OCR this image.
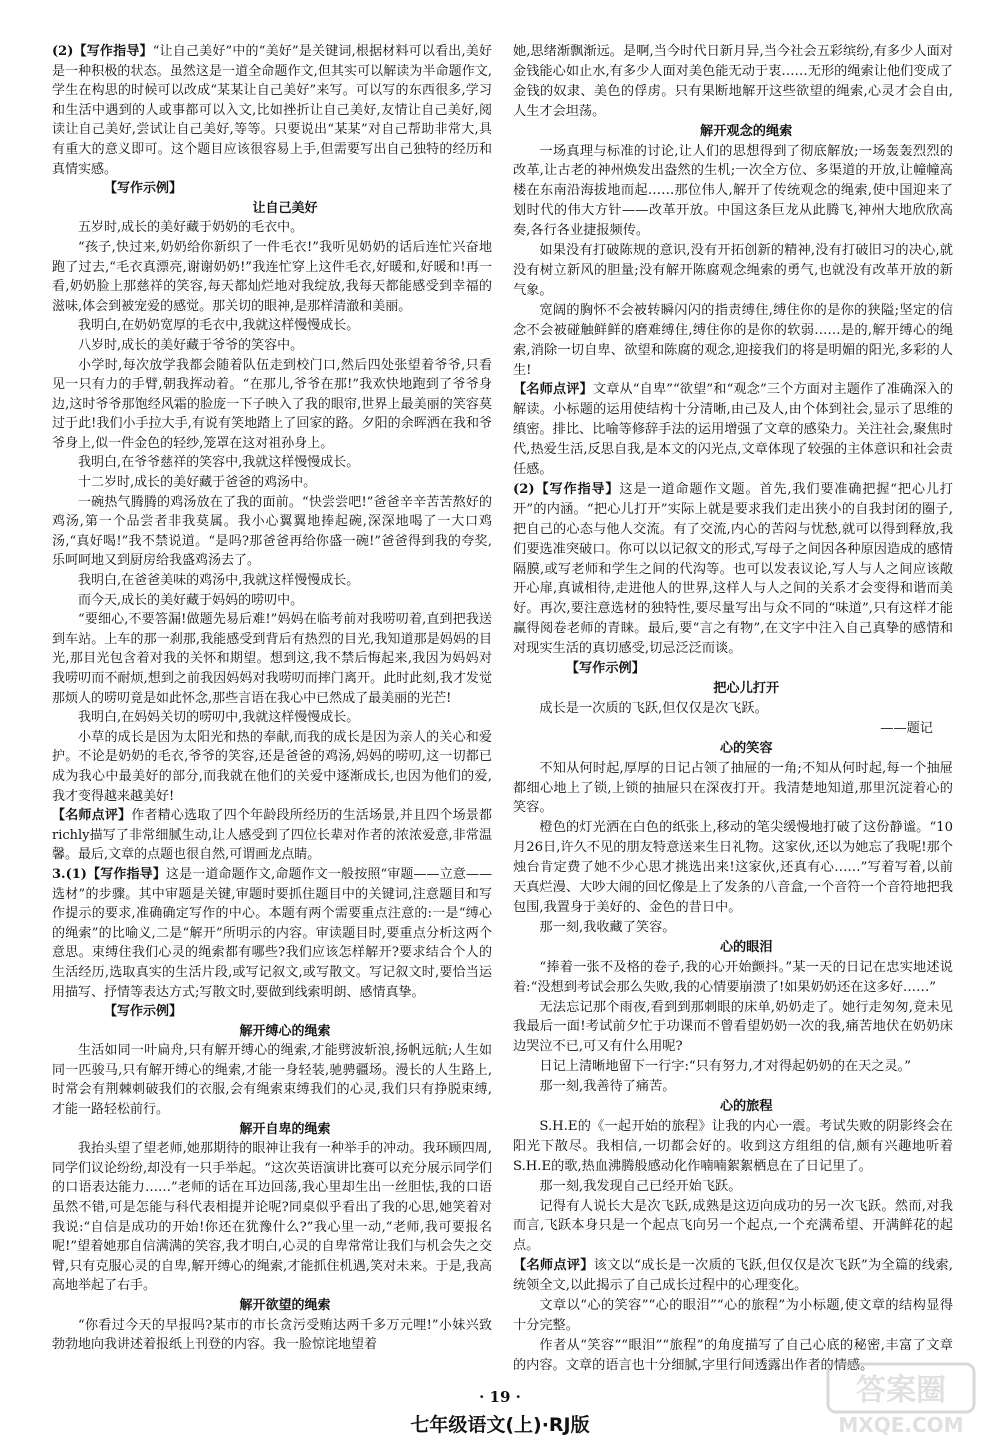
(2)【写作指导】“让自己美好”中的“美好”是关键词,根据材料可以看出,美好是一种积极的状态。虽然这是一道全命题作文,但其实可以解读为半命题作文,学生在构思的时候可以改成“某某让自己美好”来写。可以写的东西很多,学习和生活中遇到的人或事都可以入文,比如挫折让自己美好,友情让自己美好,阅读让自己美好,尝试让自己美好,等等。只要说出“某某”对自己帮助非常大,具有重大的意义即可。这个题目应该很容易上手,但需要写出自己独特的经历和真情实感。

【写作示例】

让自己美好

五岁时,成长的美好藏于奶奶的毛衣中。

“孩子,快过来,奶奶给你新织了一件毛衣!”我听见奶奶的话后连忙兴奋地跑了过去,“毛衣真漂亮,谢谢奶奶!”我连忙穿上这件毛衣,好暖和,好暖和!再一看,奶奶脸上那慈祥的笑容,每天都灿烂地对我绽放,我每天都能感受到幸福的滋味,体会到被宠爱的感觉。那关切的眼神,是那样清澈和美丽。

我明白,在奶奶宽厚的毛衣中,我就这样慢慢成长。

八岁时,成长的美好藏于爷爷的笑容中。

小学时,每次放学我都会随着队伍走到校门口,然后四处张望着爷爷,只看见一只有力的手臂,朝我挥动着。“在那儿,爷爷在那!”我欢快地跑到了爷爷身边,这时爷爷那饱经风霜的脸庞一下子映入了我的眼帘,世界上最美丽的笑容莫过于此!我们小手拉大手,有说有笑地踏上了回家的路。夕阳的余晖洒在我和爷爷身上,似一件金色的轻纱,笼罩在这对祖孙身上。

我明白,在爷爷慈祥的笑容中,我就这样慢慢成长。

十二岁时,成长的美好藏于爸爸的鸡汤中。

一碗热气腾腾的鸡汤放在了我的面前。“快尝尝吧!”爸爸辛辛苦苦熬好的鸡汤,第一个品尝者非我莫属。我小心翼翼地捧起碗,深深地喝了一大口鸡汤,“真好喝!”我不禁说道。“是吗?那爸爸再给你盛一碗!”爸爸得到我的夸奖,乐呵呵地又到厨房给我盛鸡汤去了。

我明白,在爸爸美味的鸡汤中,我就这样慢慢成长。

而今天,成长的美好藏于妈妈的唠叨中。

“要细心,不要答漏!做题先易后难!”妈妈在临考前对我唠叨着,直到把我送到车站。上车的那一刹那,我能感受到背后有热烈的目光,我知道那是妈妈的目光,那目光包含着对我的关怀和期望。想到这,我不禁后悔起来,我因为妈妈对我唠叨而不耐烦,想到之前我因妈妈对我唠叨而摔门离开。此时此刻,我才发觉那烦人的唠叨竟是如此怀念,那些言语在我心中已然成了最美丽的光芒!

我明白,在妈妈关切的唠叨中,我就这样慢慢成长。

小草的成长是因为太阳光和热的奉献,而我的成长是因为亲人的关心和爱护。不论是奶奶的毛衣,爷爷的笑容,还是爸爸的鸡汤,妈妈的唠叨,这一切都已成为我心中最美好的部分,而我就在他们的关爱中逐渐成长,也因为他们的爱,我才变得越来越美好!

【名师点评】作者精心选取了四个年龄段所经历的生活场景,并且四个场景都richly描写了非常细腻生动,让人感受到了四位长辈对作者的浓浓爱意,非常温馨。最后,文章的点题也很自然,可谓画龙点睛。

3.(1)【写作指导】这是一道命题作文,命题作文一般按照“审题——立意——选材”的步骤。其中审题是关键,审题时要抓住题目中的关键词,注意题目和写作提示的要求,准确确定写作的中心。本题有两个需要重点注意的:一是“缚心的绳索”的比喻义,二是“解开”所明示的内容。审读题目时,要重点分析这两个意思。束缚住我们心灵的绳索都有哪些?我们应该怎样解开?要求结合个人的生活经历,选取真实的生活片段,或写记叙文,或写散文。写记叙文时,要恰当运用描写、抒情等表达方式;写散文时,要做到线索明朗、感情真挚。

【写作示例】

解开缚心的绳索

生活如同一叶扁舟,只有解开缚心的绳索,才能劈波斩浪,扬帆远航;人生如同一匹骏马,只有解开缚心的绳索,才能一身轻装,驰骋疆场。漫长的人生路上,时常会有荆棘刺破我们的衣服,会有绳索束缚我们的心灵,我们只有挣脱束缚,才能一路轻松前行。

解开自卑的绳索

我抬头望了望老师,她那期待的眼神让我有一种举手的冲动。我环顾四周,同学们议论纷纷,却没有一只手举起。“这次英语演讲比赛可以充分展示同学们的口语表达能力……”老师的话在耳边回荡,我心里却生出一丝胆怯,我的口语虽然不错,可是怎能与科代表相提并论呢?同桌似乎看出了我的心思,她笑着对我说:“自信是成功的开始!你还在犹豫什么?”我心里一动,“老师,我可要报名呢!”望着她那自信满满的笑容,我才明白,心灵的自卑常常让我们与机会失之交臂,只有克服心灵的自卑,解开缚心的绳索,才能抓住机遇,笑对未来。于是,我高高地举起了右手。

解开欲望的绳索

“你看过今天的早报吗?某市的市长贪污受贿达两千多万元哩!”小妹兴致勃勃地向我讲述着报纸上刊登的内容。我一脸惊诧地望着

她,思绪渐飘渐远。是啊,当今时代日新月异,当今社会五彩缤纷,有多少人面对金钱能心如止水,有多少人面对美色能无动于衷……无形的绳索让他们变成了金钱的奴隶、美色的俘虏。只有果断地解开这些欲望的绳索,心灵才会自由,人生才会坦荡。

解开观念的绳索

一场真理与标准的讨论,让人们的思想得到了彻底解放;一场轰轰烈烈的改革,让古老的神州焕发出盎然的生机;一次全方位、多渠道的开放,让幢幢高楼在东南沿海拔地而起……那位伟人,解开了传统观念的绳索,使中国迎来了划时代的伟大方针——改革开放。中国这条巨龙从此腾飞,神州大地欣欣高奏,各行各业捷报频传。

如果没有打破陈规的意识,没有开拓创新的精神,没有打破旧习的决心,就没有树立新风的胆量;没有解开陈腐观念绳索的勇气,也就没有改革开放的新气象。

宽阔的胸怀不会被转瞬闪闪的指责缚住,缚住你的是你的狭隘;坚定的信念不会被碰触鲜鲜的磨难缚住,缚住你的是你的软弱……是的,解开缚心的绳索,消除一切自卑、欲望和陈腐的观念,迎接我们的将是明媚的阳光,多彩的人生!

【名师点评】文章从“自卑”“欲望”和“观念”三个方面对主题作了准确深入的解读。小标题的运用使结构十分清晰,由己及人,由个体到社会,显示了思维的缜密。排比、比喻等修辞手法的运用增强了文章的感染力。关注社会,聚焦时代,热爱生活,反思自我,是本文的闪光点,文章体现了较强的主体意识和社会责任感。

(2)【写作指导】这是一道命题作文题。首先,我们要准确把握“把心儿打开”的内涵。“把心儿打开”实际上就是要求我们走出狭小的自我封闭的圈子,把自己的心态与他人交流。有了交流,内心的苦闷与忧愁,就可以得到释放,我们要选准突破口。你可以以记叙文的形式,写母子之间因各种原因造成的感情隔膜,或写老师和学生之间的代沟等。也可以发表议论,写人与人之间应该敞开心扉,真诚相待,走进他人的世界,这样人与人之间的关系才会变得和谐而美好。再次,要注意选材的独特性,要尽量写出与众不同的“味道”,只有这样才能赢得阅卷老师的青睐。最后,要“言之有物”,在文字中注入自己真挚的感情和对现实生活的真切感受,切忌泛泛而谈。

【写作示例】

把心儿打开

成长是一次质的飞跃,但仅仅是次飞跃。

——题记

心的笑容

不知从何时起,厚厚的日记占领了抽屉的一角;不知从何时起,每一个抽屉都细心地上了锁,上锁的抽屉只在深夜打开。我清楚地知道,那里沉淀着心的笑容。

橙色的灯光洒在白色的纸张上,移动的笔尖缓慢地打破了这份静谧。“10月26日,许久不见的朋友特意送来生日礼物。这家伙,还以为她忘了我呢!那个烛台肯定费了她不少心思才挑选出来!这家伙,还真有心……”写着写着,以前天真烂漫、大吵大闹的回忆像是上了发条的八音盒,一个音符一个音符地把我包围,我置身于美好的、金色的昔日中。

那一刻,我收藏了笑容。

心的眼泪

“捧着一张不及格的卷子,我的心开始颤抖。”某一天的日记在忠实地述说着:“没想到考试会那么失败,我的心情要崩溃了!如果奶奶还在这多好……”

无法忘记那个雨夜,看到到那刺眼的床单,奶奶走了。她行走匆匆,竟未见我最后一面!考试前夕忙于功课而不曾看望奶奶一次的我,痛苦地伏在奶奶床边哭泣不已,可又有什么用呢?

日记上清晰地留下一行字:“只有努力,才对得起奶奶的在天之灵。”

那一刻,我善待了痛苦。

心的旅程

S.H.E的《一起开始的旅程》让我的内心一震。考试失败的阴影终会在阳光下散尽。我相信,一切都会好的。收到这方组组的信,颇有兴趣地听着S.H.E的歌,热血沸腾般感动化作喃喃絮絮栖息在了日记里了。

那一刻,我发现自己已经开始飞跃。

记得有人说长大是次飞跃,成熟是这迈向成功的另一次飞跃。然而,对我而言,飞跃本身只是一个起点飞向另一个起点,一个充满希望、开满鲜花的起点。

【名师点评】该文以“成长是一次质的飞跃,但仅仅是次飞跃”为全篇的线索,统领全文,以此揭示了自己成长过程中的心理变化。

文章以“心的笑容”“心的眼泪”“心的旅程”为小标题,使文章的结构显得十分完整。

作者从“笑容”“眼泪”“旅程”的角度描写了自己心底的秘密,丰富了文章的内容。文章的语言也十分细腻,字里行间透露出作者的情感。

· 19 ·
七年级语文(上)·RJ版
答案圈
MXQE.COM
